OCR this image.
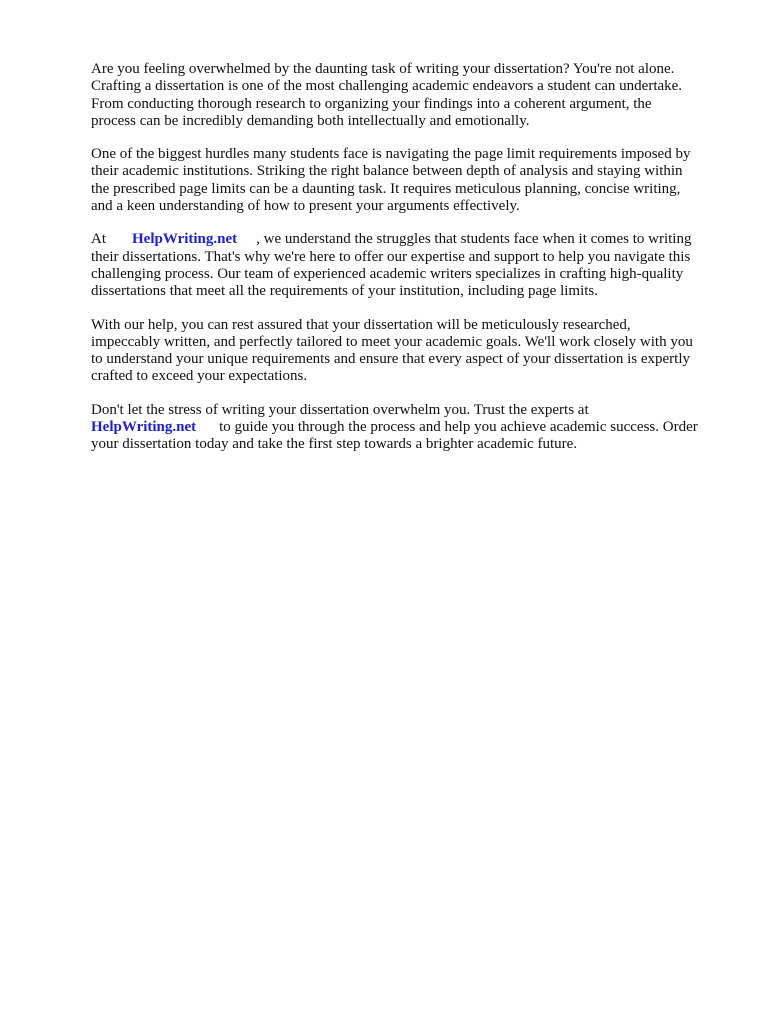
Are you feeling overwhelmed by the daunting task of writing your dissertation? You're not alone.
Crafting a dissertation is one of the most challenging academic endeavors a student can undertake.
From conducting thorough research to organizing your findings into a coherent argument, the
process can be incredibly demanding both intellectually and emotionally.

One of the biggest hurdles many students face is navigating the page limit requirements imposed by
their academic institutions. Striking the right balance between depth of analysis and staying within
the prescribed page limits can be a daunting task. It requires meticulous planning, concise writing,
and a keen understanding of how to present your arguments effectively.

At HelpWriting.net , we understand the struggles that students face when it comes to writing
their dissertations. That's why we're here to offer our expertise and support to help you navigate this
challenging process. Our team of experienced academic writers specializes in crafting high-quality
dissertations that meet all the requirements of your institution, including page limits.

With our help, you can rest assured that your dissertation will be meticulously researched,
impeccably written, and perfectly tailored to meet your academic goals. We'll work closely with you
to understand your unique requirements and ensure that every aspect of your dissertation is expertly
crafted to exceed your expectations.

Don't let the stress of writing your dissertation overwhelm you. Trust the experts at
HelpWriting.net to guide you through the process and help you achieve academic success. Order
your dissertation today and take the first step towards a brighter academic future.
